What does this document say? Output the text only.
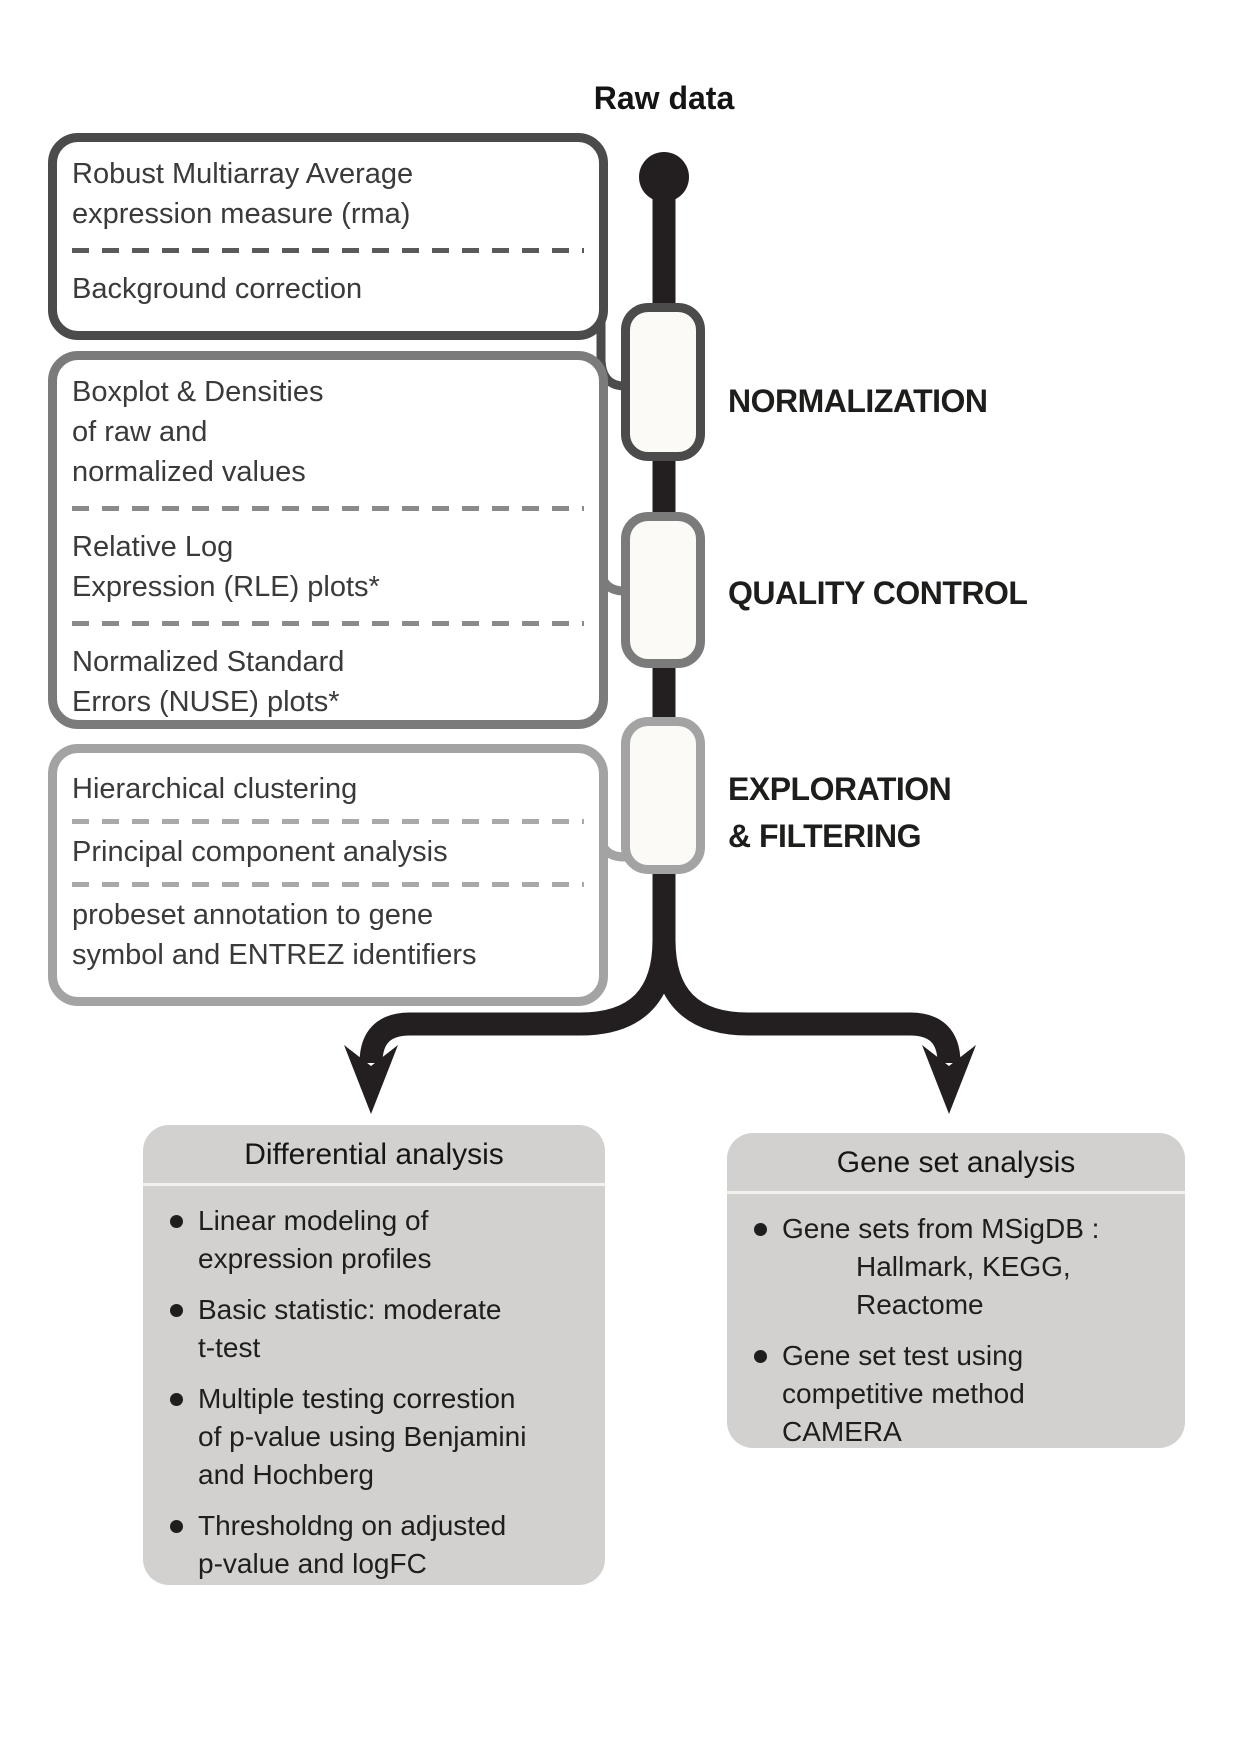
Raw data
Robust Multiarray Average
expression measure (rma)
Background correction
Boxplot & Densities
of raw and
normalized values
Relative Log
Expression (RLE) plots*
Normalized Standard
Errors (NUSE) plots*
Hierarchical clustering
Principal component analysis
probeset annotation to gene
symbol and ENTREZ identifiers
NORMALIZATION
QUALITY CONTROL
EXPLORATION
& FILTERING
Differential analysis
Linear modeling of
expression profiles
Basic statistic: moderate
t-test
Multiple testing correstion
of p-value using Benjamini
and Hochberg
Thresholdng on adjusted
p-value and logFC
Gene set analysis
Gene sets from MSigDB :
Hallmark, KEGG,
Reactome
Gene set test using
competitive method
CAMERA
